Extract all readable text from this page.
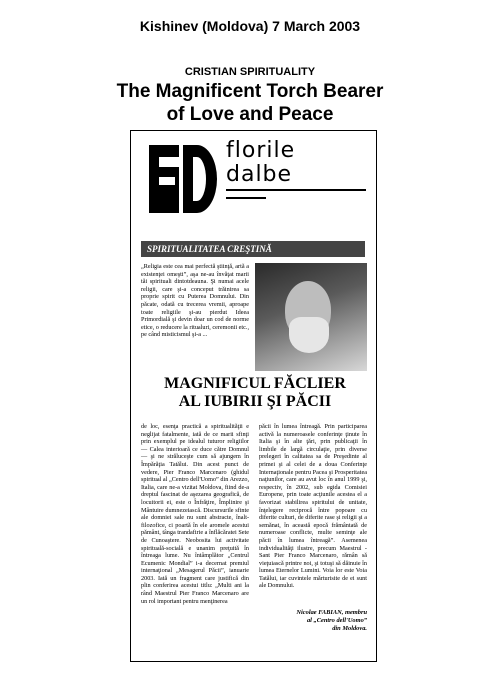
Kishinev (Moldova) 7 March 2003
CRISTIAN SPIRITUALITY
The Magnificent Torch Bearer
of Love and Peace
florile
dalbe
SPIRITUALITATEA CREŞTINĂ
„Religia este cea mai perfectă ştiinţă, artă a existenţei omeşti”, aşa ne-au învăţat marii tăi spirituali dintotdeauna. Şi numai acele religii, care şi-a conceput trăinirea sa proprie spirit cu Puterea Domnului. Din păcate, odată cu trecerea vremii, aproape toate religiile şi-au pierdut Ideea Primordială şi devin doar un cod de norme etice, o reducere la ritualuri, ceremonii etc., pe când misticismul şi-a ...
MAGNIFICUL FĂCLIER
AL IUBIRII ŞI PĂCII
de loc, esenţa practică a spiritualităţii e neglijat fatalmente, iată de ce marii sfinţi prin exemplul pe idealul tuturor religiilor — Calea interioară ce duce către Domnul — şi ne străluceşte cum să ajungem în Împărăţia Tatălui. Din acest punct de vedere, Pier Franco Marcenaro (ghidul spiritual al „Centro dell'Uomo” din Arezzo, Italia, care ne-a vizitat Moldova, fiind de-a dreptul fascinat de aşezarea geografică, de locuitorii ei, este o Înfrăţire, Împlinire şi Mântuire dumnezeiască. Discursurile sfinte ale domniei sale nu sunt abstracte, înalt-filozofice, ci poartă în ele aromele acestui pământ, tânga trandafirie a înflăcăratei Sete de Cunoaştere. Neobosita lui activitate spirituală-socială e unanim preţuită în întreaga lume. Nu întâmplător „Centrul Ecumenic Mondial” i-a decernat premiul internaţional „Mesagerul Păcii”, ianuarie 2003. Iată un fragment care justifică din plin conferirea acestui titlu: „Multi ani la rând Maestrul Pier Franco Marcenaro are un rol important pentru menţinerea
păcii în lumea întreagă. Prin participarea activă la numeroasele conferinţe ţinute în Italia şi în alte ţări, prin publicaţii în limbile de largă circulaţie, prin diverse prelegeri în calitatea sa de Preşedinte al primei şi al celei de a doua Conferinţe Internaţionale pentru Pacea şi Prosperitatea naţiunilor, care au avut loc în anul 1999 şi, respectiv, în 2002, sub egida Comisiei Europene, prin toate acţiunile acestea el a favorizat stabilirea spiritului de unitate, înţelegere reciprocă între popoare cu diferite culturi, de diferite rase şi religii şi a semănat, în această epocă frământată de numeroase conflicte, multe seminţe ale păcii în lumea întreagă”. Asemenea individualităţi ilustre, precum Maestrul - Sant Pier Franco Marcenaro, rămân să vieţuiască printre noi, şi totuşi să dăinuie în lumea Eternelor Lumini. Voia lor este Voia Tatălui, iar cuvintele mărturisite de ei sunt ale Domnului.
Nicolae FABIAN, membru
al „Centro dell'Uomo”
din Moldova.
